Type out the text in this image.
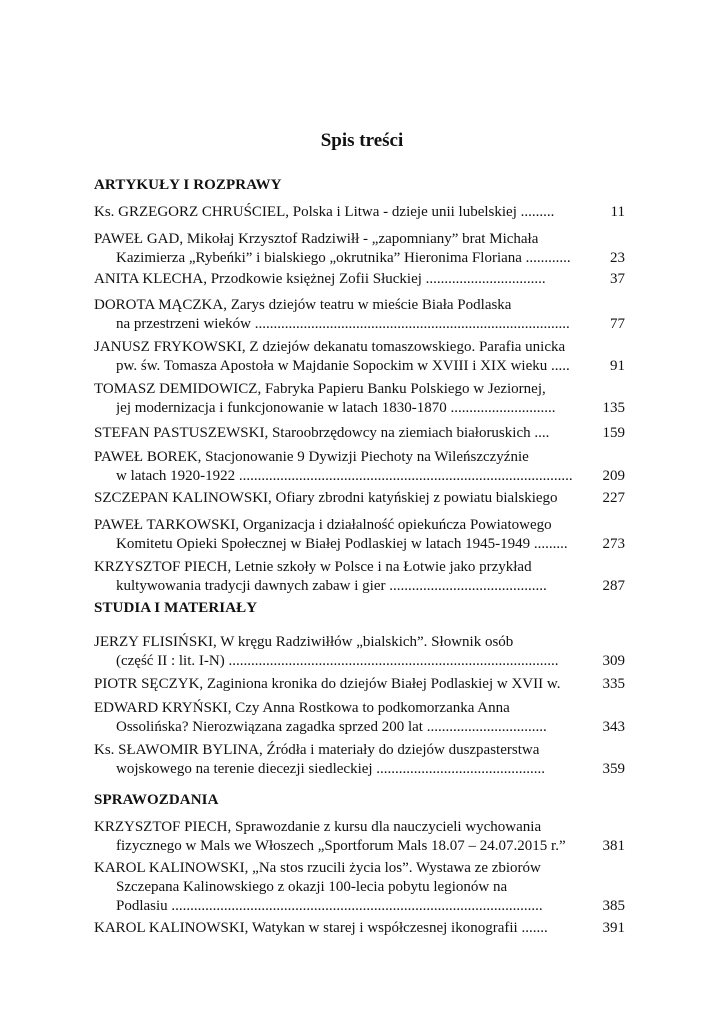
Spis treści
ARTYKUŁY I ROZPRAWY
Ks. GRZEGORZ CHRUŚCIEL, Polska i Litwa - dzieje unii lubelskiej .........	11
PAWEŁ GAD, Mikołaj Krzysztof Radziwiłł - „zapomniany” brat Michała
Kazimierza „Rybeńki” i bialskiego „okrutnika” Hieronima Floriana ............	23
ANITA KLECHA, Przodkowie księżnej Zofii Słuckiej ................................	37
DOROTA MĄCZKA, Zarys dziejów teatru w mieście Biała Podlaska
na przestrzeni wieków ....................................................................................	77
JANUSZ FRYKOWSKI, Z dziejów dekanatu tomaszowskiego. Parafia unicka
pw. św. Tomasza Apostoła w Majdanie Sopockim w XVIII i XIX wieku .....	91
TOMASZ DEMIDOWICZ, Fabryka Papieru Banku Polskiego w Jeziornej,
jej modernizacja i funkcjonowanie w latach 1830-1870 ............................	135
STEFAN PASTUSZEWSKI, Staroobrzędowcy na ziemiach białoruskich ....	159
PAWEŁ BOREK, Stacjonowanie 9 Dywizji Piechoty na Wileńszczyźnie
w latach 1920-1922 .........................................................................................	209
SZCZEPAN KALINOWSKI, Ofiary zbrodni katyńskiej z powiatu bialskiego	227
PAWEŁ TARKOWSKI, Organizacja i działalność opiekuńcza Powiatowego
Komitetu Opieki Społecznej w Białej Podlaskiej w latach 1945-1949 .........	273
KRZYSZTOF PIECH, Letnie szkoły w Polsce i na Łotwie jako przykład
kultywowania tradycji dawnych zabaw i gier ..........................................	287
STUDIA I MATERIAŁY
JERZY FLISIŃSKI, W kręgu Radziwiłłów „bialskich”. Słownik osób
(część II : lit. I-N) ........................................................................................	309
PIOTR SĘCZYK, Zaginiona kronika do dziejów Białej Podlaskiej w XVII w.	335
EDWARD KRYŃSKI, Czy Anna Rostkowa to podkomorzanka Anna
Ossolińska? Nierozwiązana zagadka sprzed 200 lat ................................	343
Ks. SŁAWOMIR BYLINA, Źródła i materiały do dziejów duszpasterstwa
wojskowego na terenie diecezji siedleckiej .............................................	359
SPRAWOZDANIA
KRZYSZTOF PIECH, Sprawozdanie z kursu dla nauczycieli wychowania
fizycznego w Mals we Włoszech „Sportforum Mals 18.07 – 24.07.2015 r.”	381
KAROL KALINOWSKI, „Na stos rzucili życia los”. Wystawa ze zbiorów
Szczepana Kalinowskiego z okazji 100-lecia pobytu legionów na
Podlasiu ...................................................................................................	385
KAROL KALINOWSKI, Watykan w starej i współczesnej ikonografii .......	391
